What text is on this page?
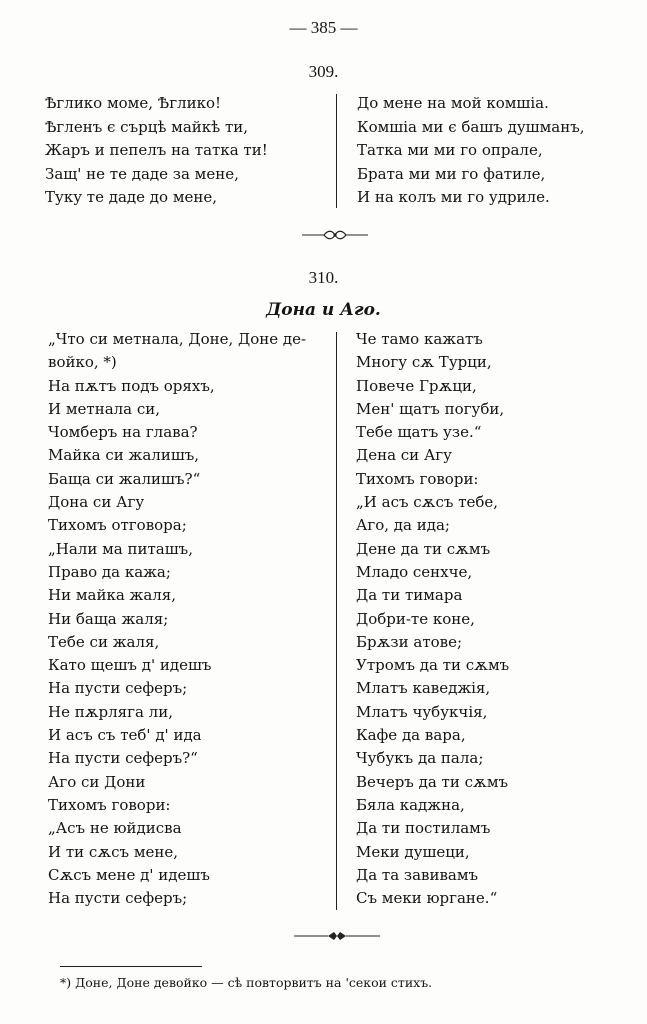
— 385 —
309.
Ѣглико моме, Ѣглико!
Ѣгленъ є сърцѣ майкѣ ти,
Жаръ и пепелъ на татка ти!
Защ' не те даде за мене,
Туку те даде до мене,
До мене на мой комшiа.
Комшiа ми є башъ душманъ,
Татка ми ми го опрале,
Брата ми ми го фатиле,
И на колъ ми го удриле.
310.
Дона и Аго.
„Что си метнала, Доне, Доне де-
войко, *)
На пѫтъ подъ оряхъ,
И метнала си,
Чомберъ на глава?
Майка си жалишъ,
Баща си жалишъ?“
Дона си Агу
Тихомъ отговора;
„Нали ма питашъ,
Право да кажа;
Ни майка жаля,
Ни баща жаля;
Тебе си жаля,
Като щешъ д' идешъ
На пусти сеферъ;
Не пѫрляга ли,
И асъ съ теб' д' ида
На пусти сеферъ?“
Аго си Дони
Тихомъ говори:
„Асъ не юйдисва
И ти сѫсъ мене,
Сѫсъ мене д' идешъ
На пусти сеферъ;
Че тамо кажатъ
Многу сѫ Турци,
Повече Грѫци,
Мен' щатъ погуби,
Тебе щатъ узе.“
Дена си Агу
Тихомъ говори:
„И асъ сѫсъ тебе,
Аго, да ида;
Дене да ти сѫмъ
Младо сенхче,
Да ти тимара
Добри-те коне,
Брѫзи атове;
Утромъ да ти сѫмъ
Млатъ каведжiя,
Млатъ чубукчiя,
Кафе да вара,
Чубукъ да пала;
Вечеръ да ти сѫмъ
Бяла каджна,
Да ти постиламъ
Меки душеци,
Да та завивамъ
Съ меки юргане.“
*) Доне, Доне девойко — сѣ повторвитъ на 'секои стихъ.
